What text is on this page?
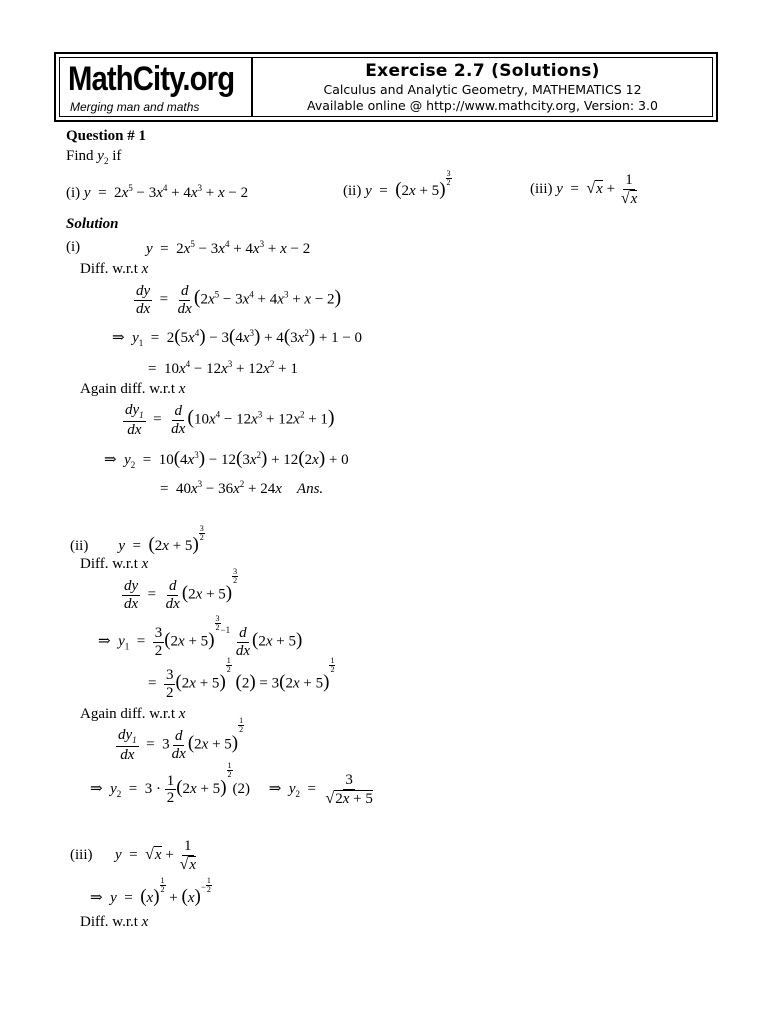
MathCity.org
Merging man and maths
Exercise 2.7 (Solutions)
Calculus and Analytic Geometry, MATHEMATICS 12
Available online @ http://www.mathcity.org, Version: 3.0
Question # 1
Find $y_2$ if
(i) $y = 2x^5 - 3x^4 + 4x^3 + x - 2$	(ii) y  =  (2x + 5)
$\frac{3}{2}$
(iii) $y = √x + \frac{1}{√x}$
Solution
(i)	$y = 2x^5 - 3x^4 + 4x^3 + x - 2$
Diff. w.r.t x
$\frac{dy}{dx} = \frac{d}{dx} (2x^5 - 3x^4 + 4x^3 + x - 2)$
⇒  $y_1 = 2(5x^4) - 3(4x^3) + 4(3x^2) + 1 - 0$
=  $10x^4 - 12x^3 + 12x^2 + 1$
Again diff. w.r.t x
$\frac{dy_1}{dx} = \frac{d}{dx} (10x^4 - 12x^3 + 12x^2 + 1)$
⇒  $y_2 = 10(4x^3) - 12(3x^2) + 12(2x) + 0$
=  $40x^3 - 36x^2 + 24x$ Ans.
(ii)        y  =  (2x + 5)
$\frac{3}{2}$
Diff. w.r.t x
$\frac{dy}{dx} = \frac{d}{dx} (2x + 5)$
$\frac{3}{2}$
⇒  $y_1 = \frac{3}{2} (2x + 5)$
$\frac{3}{2} ^{-1} \frac{d}{dx} (2x + 5)$
= $\frac{3}{2} (2x + 5)$
$\frac{1}{2}$
(2) = 3(2x + 5)
$\frac{1}{2}$
Again diff. w.r.t x
$\frac{dy_1}{dx} = 3 \frac{d}{dx} (2x + 5)$
$\frac{1}{2}$
⇒  $y_2 = 3 \cdot \frac{1}{2} (2x + 5)$
$\frac{1}{2}$
(2)     ⇒  $y_2 = \frac{3}{√2x + 5}$
(iii)      $y = √x + \frac{1}{√x}$
⇒  y  =  (x)
$\frac{1}{2}$
+ $(x)^- \frac{1}{2}$
Diff. w.r.t x
